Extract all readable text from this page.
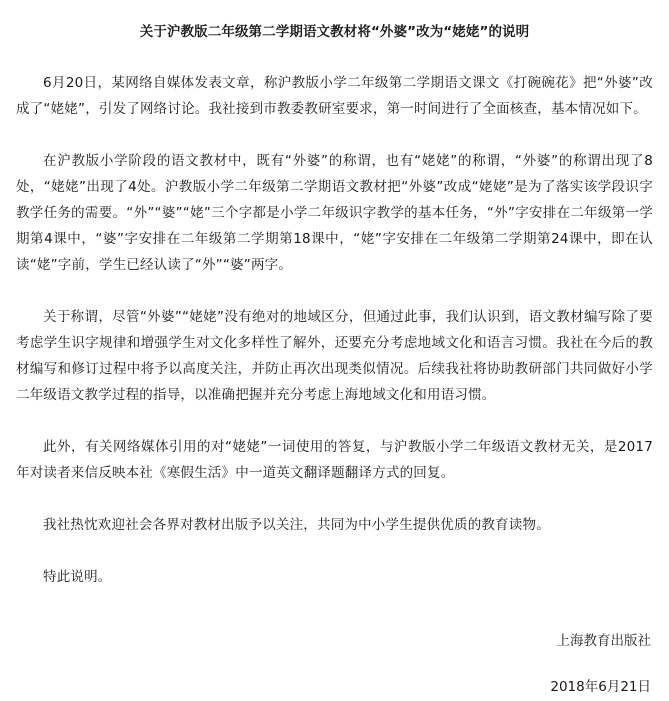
关于沪教版二年级第二学期语文教材将“外婆”改为“姥姥”的说明

6月20日，某网络自媒体发表文章，称沪教版小学二年级第二学期语文课文《打碗碗花》把“外婆”改成了“姥姥”，引发了网络讨论。我社接到市教委教研室要求，第一时间进行了全面核查，基本情况如下。

在沪教版小学阶段的语文教材中，既有“外婆”的称谓，也有“姥姥”的称谓，“外婆”的称谓出现了8处，“姥姥”出现了4处。沪教版小学二年级第二学期语文教材把“外婆”改成“姥姥”是为了落实该学段识字教学任务的需要。“外”“婆”“姥”三个字都是小学二年级识字教学的基本任务，“外”字安排在二年级第一学期第4课中，“婆”字安排在二年级第二学期第18课中，“姥”字安排在二年级第二学期第24课中，即在认读“姥”字前，学生已经认读了“外”“婆”两字。

关于称谓，尽管“外婆”“姥姥”没有绝对的地域区分，但通过此事，我们认识到，语文教材编写除了要考虑学生识字规律和增强学生对文化多样性了解外，还要充分考虑地域文化和语言习惯。我社在今后的教材编写和修订过程中将予以高度关注，并防止再次出现类似情况。后续我社将协助教研部门共同做好小学二年级语文教学过程的指导，以准确把握并充分考虑上海地域文化和用语习惯。

此外，有关网络媒体引用的对“姥姥”一词使用的答复，与沪教版小学二年级语文教材无关，是2017年对读者来信反映本社《寒假生活》中一道英文翻译题翻译方式的回复。

我社热忱欢迎社会各界对教材出版予以关注，共同为中小学生提供优质的教育读物。

特此说明。

上海教育出版社
2018年6月21日
